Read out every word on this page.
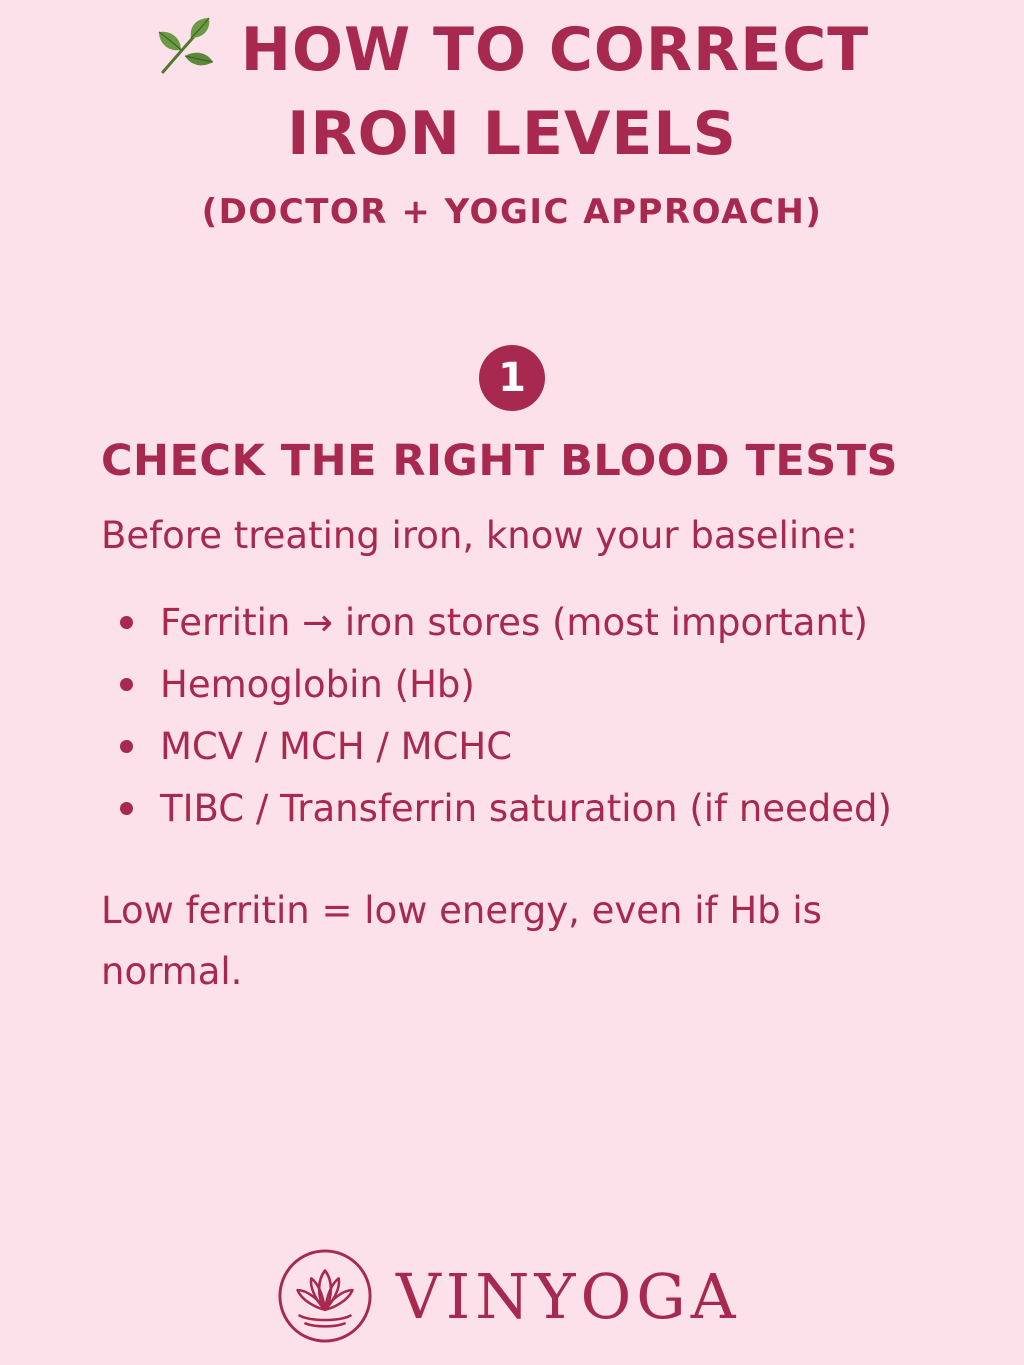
HOW TO CORRECT
IRON LEVELS
(DOCTOR + YOGIC APPROACH)
1
CHECK THE RIGHT BLOOD TESTS
Before treating iron, know your baseline:
Ferritin → iron stores (most important)
Hemoglobin (Hb)
MCV / MCH / MCHC
TIBC / Transferrin saturation (if needed)
Low ferritin = low energy, even if Hb is normal.
VINYOGA
